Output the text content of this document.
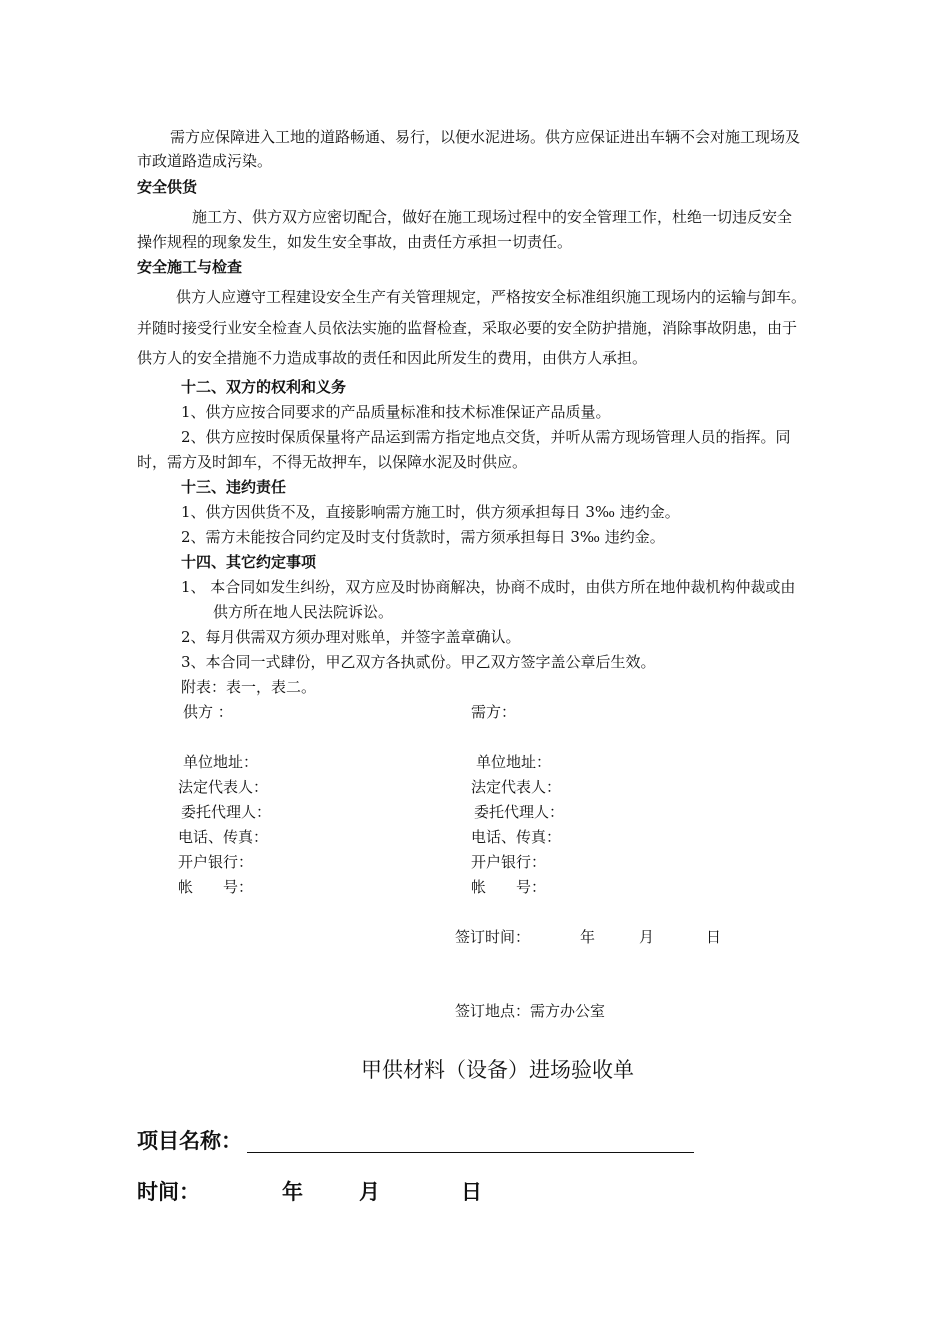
需方应保障进入工地的道路畅通、易行，以便水泥进场。供方应保证进出车辆不会对施工现场及
市政道路造成污染。
安全供货
施工方、供方双方应密切配合，做好在施工现场过程中的安全管理工作，杜绝一切违反安全
操作规程的现象发生，如发生安全事故，由责任方承担一切责任。
安全施工与检查
供方人应遵守工程建设安全生产有关管理规定，严格按安全标准组织施工现场内的运输与卸车。
并随时接受行业安全检查人员依法实施的监督检查，采取必要的安全防护措施，消除事故阴患，由于
供方人的安全措施不力造成事故的责任和因此所发生的费用，由供方人承担。
十二、双方的权利和义务
1、供方应按合同要求的产品质量标准和技术标准保证产品质量。
2、供方应按时保质保量将产品运到需方指定地点交货，并听从需方现场管理人员的指挥。同
时，需方及时卸车，不得无故押车，以保障水泥及时供应。
十三、违约责任
1、供方因供货不及，直接影响需方施工时，供方须承担每日 3‰ 违约金。
2、需方未能按合同约定及时支付货款时，需方须承担每日 3‰ 违约金。
十四、其它约定事项
1、 本合同如发生纠纷，双方应及时协商解决，协商不成时，由供方所在地仲裁机构仲裁或由
供方所在地人民法院诉讼。
2、每月供需双方须办理对账单，并签字盖章确认。
3、本合同一式肆份，甲乙双方各执贰份。甲乙双方签字盖公章后生效。
附表：表一，表二。
供方 ：	需方：
单位地址：	单位地址：
法定代表人：	法定代表人：
委托代理人：	委托代理人：
电话、传真：	电话、传真：
开户银行：	开户银行：
帐　　号：	帐　　号：
签订时间：	年	月	日
签订地点：需方办公室
甲供材料（设备）进场验收单
项目名称：
时间：	年	月	日
